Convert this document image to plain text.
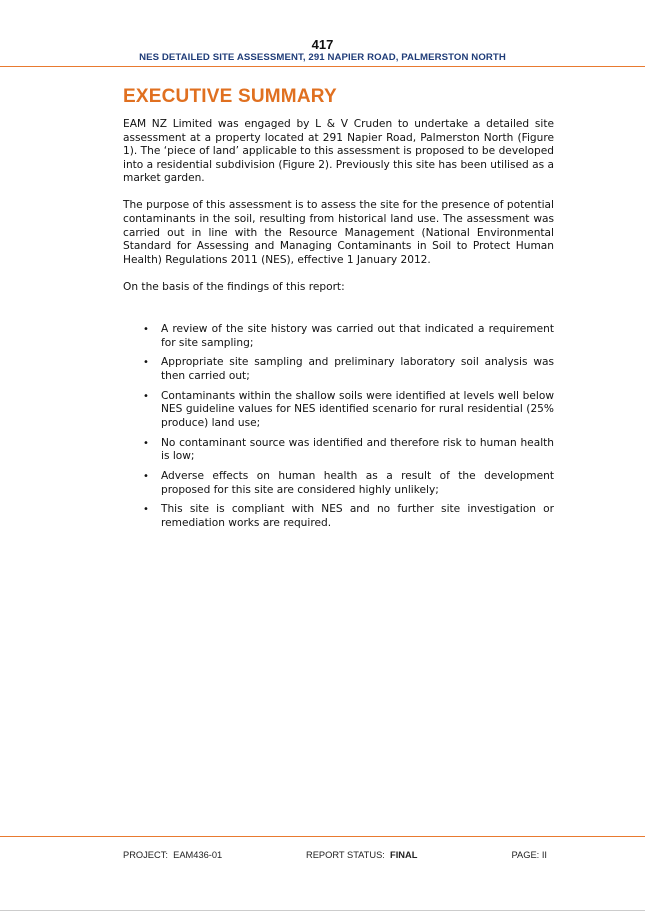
417
NES DETAILED SITE ASSESSMENT, 291 NAPIER ROAD, PALMERSTON NORTH
EXECUTIVE SUMMARY

EAM NZ Limited was engaged by L & V Cruden to undertake a detailed site assessment at a property located at 291 Napier Road, Palmerston North (Figure 1). The ‘piece of land’ applicable to this assessment is proposed to be developed into a residential subdivision (Figure 2). Previously this site has been utilised as a market garden.

The purpose of this assessment is to assess the site for the presence of potential contaminants in the soil, resulting from historical land use. The assessment was carried out in line with the Resource Management (National Environmental Standard for Assessing and Managing Contaminants in Soil to Protect Human Health) Regulations 2011 (NES), effective 1 January 2012.

On the basis of the findings of this report:

• A review of the site history was carried out that indicated a requirement for site sampling;
• Appropriate site sampling and preliminary laboratory soil analysis was then carried out;
• Contaminants within the shallow soils were identified at levels well below NES guideline values for NES identified scenario for rural residential (25% produce) land use;
• No contaminant source was identified and therefore risk to human health is low;
• Adverse effects on human health as a result of the development proposed for this site are considered highly unlikely;
• This site is compliant with NES and no further site investigation or remediation works are required.
PROJECT: EAM436-01	REPORT STATUS: FINAL	PAGE: II
